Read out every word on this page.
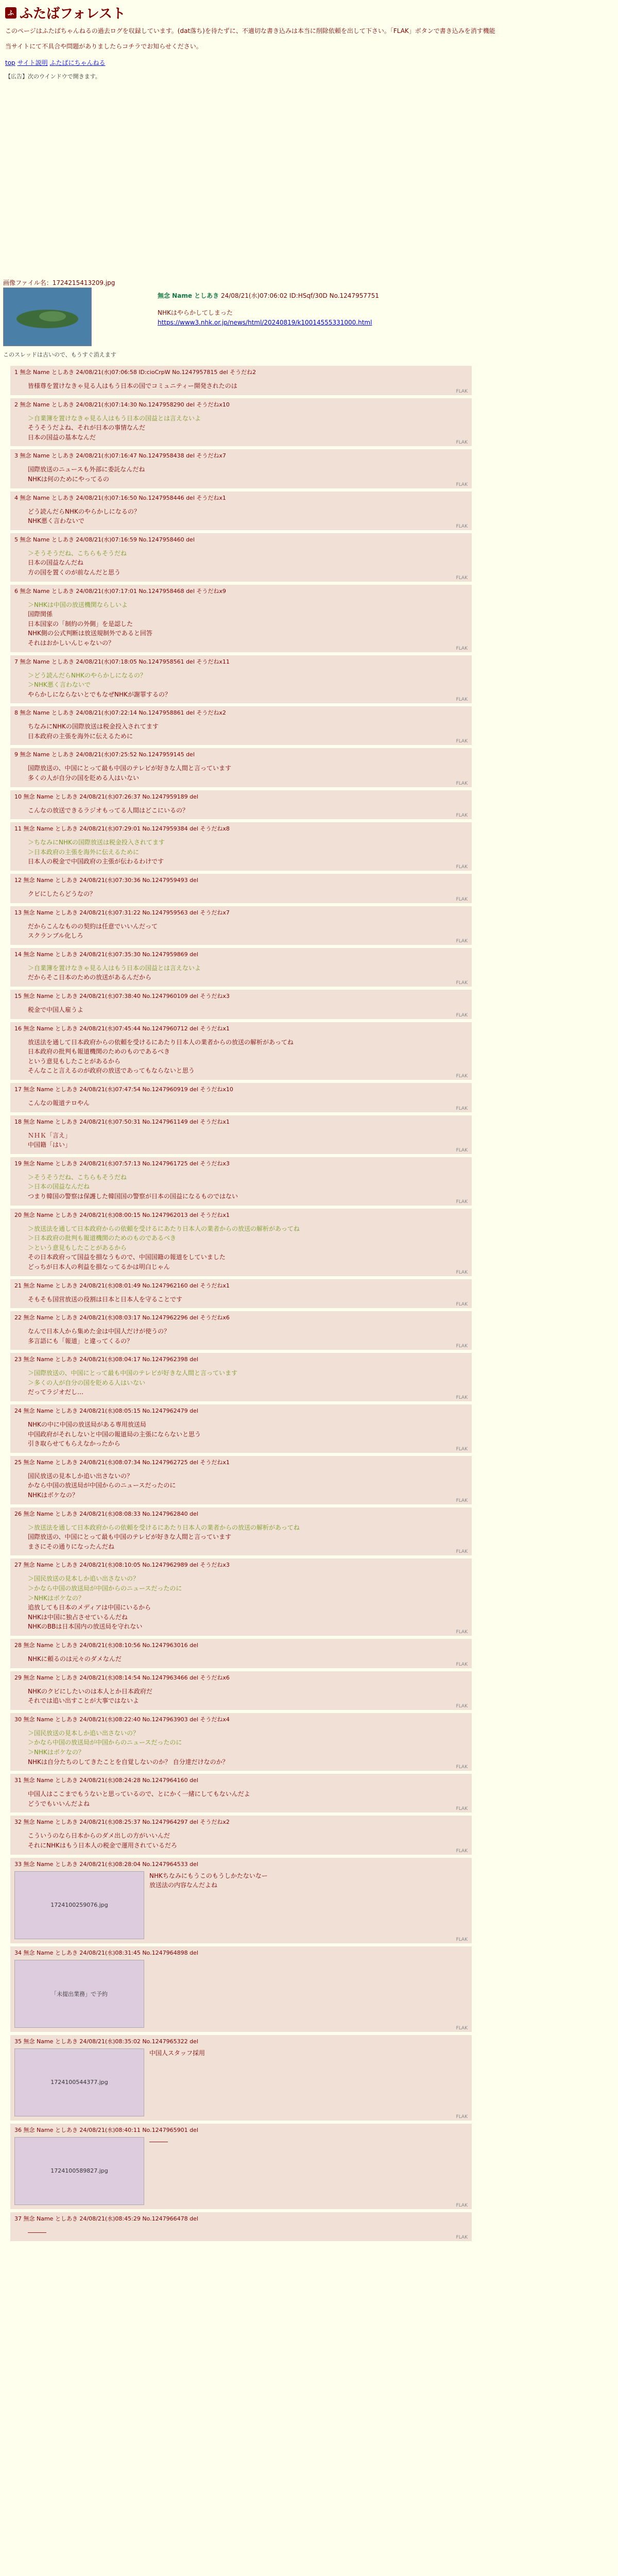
ふ ふたばフォレスト

このページはふたばちゃんねるの過去ログを収録しています。(dat落ち)を待たずに、不適切な書き込みは本当に削除依頼を出して下さい。「FLAK」ボタンで書き込みを消す機能

当サイトにて不具合や問題がありましたらコチラでお知らせください。

top サイト説明 ふたばにちゃんねる
【広告】次のウインドウで開きます。
画像ファイル名：1724215413209.jpg
無念 Name としあき 24/08/21(水)07:06:02 ID:HSqf/30D No.1247957751
NHKはやらかしてしまった
https://www3.nhk.or.jp/news/html/20240819/k10014555331000.html
このスレッドは古いので、もうすぐ消えます
1 無念 Name としあき 24/08/21(水)07:06:58 ID:cioCrpW No.1247957815 del そうだね2
皆様尊を置けなきゃ見る人はもう日本の国でコミュニティー開発されたのは
FLAK
2 無念 Name としあき 24/08/21(水)07:14:30 No.1247958290 del そうだねx10
＞自業簿を置けなきゃ見る人はもう日本の国益とは言えないよ
そうそうだよね、それが日本の事情なんだ
日本の国益の基本なんだ
FLAK
3 無念 Name としあき 24/08/21(水)07:16:47 No.1247958438 del そうだねx7
国際放送のニュースも外部に委託なんだね
NHKは何のためにやってるの
FLAK
4 無念 Name としあき 24/08/21(水)07:16:50 No.1247958446 del そうだねx1
どう読んだらNHKのやらかしになるの？
NHK悪く言わないで
FLAK
5 無念 Name としあき 24/08/21(水)07:16:59 No.1247958460 del
＞そうそうだね、こちらもそうだね
日本の国益なんだね
方の国を置くのが前なんだと思う
FLAK
6 無念 Name としあき 24/08/21(水)07:17:01 No.1247958468 del そうだねx9
＞NHKは中国の放送機関ならしいよ
国際関係
日本国家の「制約の外側」を是認した
NHK側の公式判断は放送規制外であると回答
それはおかしいんじゃないの？
FLAK
7 無念 Name としあき 24/08/21(水)07:18:05 No.1247958561 del そうだねx11
＞どう読んだらNHKのやらかしになるの？
＞NHK悪く言わないで
やらかしにならないとでもなぜNHKが謝罪するの？
FLAK
8 無念 Name としあき 24/08/21(水)07:22:14 No.1247958861 del そうだねx2
ちなみにNHKの国際放送は税金投入されてます
日本政府の主張を海外に伝えるために
FLAK
9 無念 Name としあき 24/08/21(水)07:25:52 No.1247959145 del
国際放送の、中国にとって最も中国のテレビが好きな人間と言っています
多くの人が自分の国を貶める人はいない
FLAK
10 無念 Name としあき 24/08/21(水)07:26:37 No.1247959189 del
こんなの放送できるラジオもってる人間はどこにいるの？
FLAK
11 無念 Name としあき 24/08/21(水)07:29:01 No.1247959384 del そうだねx8
＞ちなみにNHKの国際放送は税金投入されてます
＞日本政府の主張を海外に伝えるために
日本人の税金で中国政府の主張が伝わるわけです
FLAK
12 無念 Name としあき 24/08/21(水)07:30:36 No.1247959493 del
クビにしたらどうなの？
FLAK
13 無念 Name としあき 24/08/21(水)07:31:22 No.1247959563 del そうだねx7
だからこんなものの契約は任意でいいんだって
スクランブル化しろ
FLAK
14 無念 Name としあき 24/08/21(水)07:35:30 No.1247959869 del
＞自業簿を置けなきゃ見る人はもう日本の国益とは言えないよ
だからそこ日本のための放送があるんだから
FLAK
15 無念 Name としあき 24/08/21(水)07:38:40 No.1247960109 del そうだねx3
税金で中国人雇うよ
FLAK
16 無念 Name としあき 24/08/21(水)07:45:44 No.1247960712 del そうだねx1
放送法を通して日本政府からの依頼を受けるにあたり日本人の業者からの放送の解析があってね
日本政府の批判も報道機関のためのものであるべき
という意見もしたことがあるから
そんなこと言えるのが政府の放送であってもならないと思う
FLAK
17 無念 Name としあき 24/08/21(水)07:47:54 No.1247960919 del そうだねx10
こんなの報道テロやん
FLAK
18 無念 Name としあき 24/08/21(水)07:50:31 No.1247961149 del そうだねx1
ＮＨＫ「言え」
中国籍「はい」
FLAK
19 無念 Name としあき 24/08/21(水)07:57:13 No.1247961725 del そうだねx3
＞そうそうだね、こちらもそうだね
＞日本の国益なんだね
つまり韓国の警察は保護した韓国国の警察が日本の国益になるものではない
FLAK
20 無念 Name としあき 24/08/21(水)08:00:15 No.1247962013 del そうだねx1
＞放送法を通して日本政府からの依頼を受けるにあたり日本人の業者からの放送の解析があってね
＞日本政府の批判も報道機関のためのものであるべき
＞という意見もしたことがあるから
その日本政府って国益を損なうもので、中国国籍の報道をしていました
どっちが日本人の利益を損なってるかは明白じゃん
FLAK
21 無念 Name としあき 24/08/21(水)08:01:49 No.1247962160 del そうだねx1
そもそも国営放送の役割は日本と日本人を守ることです
FLAK
22 無念 Name としあき 24/08/21(水)08:03:17 No.1247962296 del そうだねx6
なんで日本人から集めた金は中国人だけが使うの？
多言語にも「報道」と違ってくるの？
FLAK
23 無念 Name としあき 24/08/21(水)08:04:17 No.1247962398 del
＞国際放送の、中国にとって最も中国のテレビが好きな人間と言っています
＞多くの人が自分の国を貶める人はいない
だってラジオだし…
FLAK
24 無念 Name としあき 24/08/21(水)08:05:15 No.1247962479 del
NHKの中に中国の放送局がある専用放送局
中国政府がそれしないと中国の報道局の主張にならないと思う
引き取らせてもらえなかったから
FLAK
25 無念 Name としあき 24/08/21(水)08:07:34 No.1247962725 del そうだねx1
国民放送の見本しか追い出さないの？
かなら中国の放送局が中国からのニュースだったのに
NHKはボケなの？
FLAK
26 無念 Name としあき 24/08/21(水)08:08:33 No.1247962840 del
＞放送法を通して日本政府からの依頼を受けるにあたり日本人の業者からの放送の解析があってね
国際放送の、中国にとって最も中国のテレビが好きな人間と言っています
まさにその通りになったんだね
FLAK
27 無念 Name としあき 24/08/21(水)08:10:05 No.1247962989 del そうだねx3
＞国民放送の見本しか追い出さないの？
＞かなら中国の放送局が中国からのニュースだったのに
＞NHKはボケなの？
追放しても日本のメディアは中国にいるから
NHKは中国に独占させているんだね
NHKのBBは日本国内の放送局を守れない
FLAK
28 無念 Name としあき 24/08/21(水)08:10:56 No.1247963016 del
NHKに頼るのは元々のダメなんだ
FLAK
29 無念 Name としあき 24/08/21(水)08:14:54 No.1247963466 del そうだねx6
NHKのクビにしたいのは本人とか日本政府だ
それでは追い出すことが大事ではないよ
FLAK
30 無念 Name としあき 24/08/21(水)08:22:40 No.1247963903 del そうだねx4
＞国民放送の見本しか追い出さないの？
＞かなら中国の放送局が中国からのニュースだったのに
＞NHKはボケなの？
NHKは自分たちのしてきたことを自覚しないのか？ 自分達だけなのか？
FLAK
31 無念 Name としあき 24/08/21(水)08:24:28 No.1247964160 del
中国人はここまでもうないと思っているので、とにかく一緒にしてもないんだよ
どうでもいいんだよね
FLAK
32 無念 Name としあき 24/08/21(水)08:25:37 No.1247964297 del そうだねx2
こういうのなら日本からのダメ出しの方がいいんだ
それにNHKはもう日本人の税金で運用されているだろ
FLAK
33 無念 Name としあき 24/08/21(水)08:28:04 No.1247964533 del
1724100259076.jpg
NHKちなみにもうこのもうしかたないなー
放送法の内容なんだよね
FLAK
34 無念 Name としあき 24/08/21(水)08:31:45 No.1247964898 del
「未提出業務」で予約
FLAK
35 無念 Name としあき 24/08/21(水)08:35:02 No.1247965322 del
1724100544377.jpg
中国人スタッフ採用
FLAK
36 無念 Name としあき 24/08/21(水)08:40:11 No.1247965901 del
1724100589827.jpg
―――
FLAK
37 無念 Name としあき 24/08/21(水)08:45:29 No.1247966478 del
―――
FLAK
